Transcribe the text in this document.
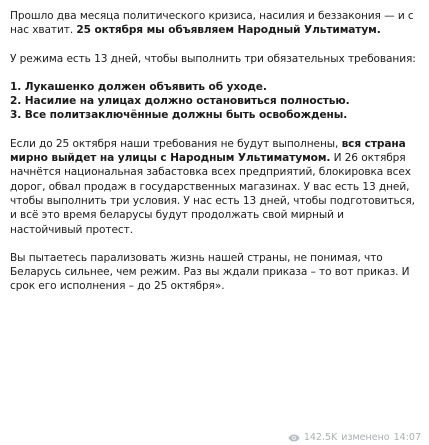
Прошло два месяца политического кризиса, насилия и беззакония — и с нас хватит. 25 октября мы объявляем Народный Ультиматум.

У режима есть 13 дней, чтобы выполнить три обязательных требования:

1. Лукашенко должен объявить об уходе.
2. Насилие на улицах должно остановиться полностью.
3. Все политзаключённые должны быть освобождены.

Если до 25 октября наши требования не будут выполнены, вся страна мирно выйдет на улицы с Народным Ультиматумом. И 26 октября начнётся национальная забастовка всех предприятий, блокировка всех дорог, обвал продаж в государственных магазинах. У вас есть 13 дней, чтобы выполнить три условия. У нас есть 13 дней, чтобы подготовиться, и всё это время беларусы будут продолжать свой мирный и настойчивый протест.

Вы пытаетесь парализовать жизнь нашей страны, не понимая, что Беларусь сильнее, чем режим. Раз вы ждали приказа – то вот приказ. И срок его исполнения – до 25 октября».

142.5K изменено 14:07
